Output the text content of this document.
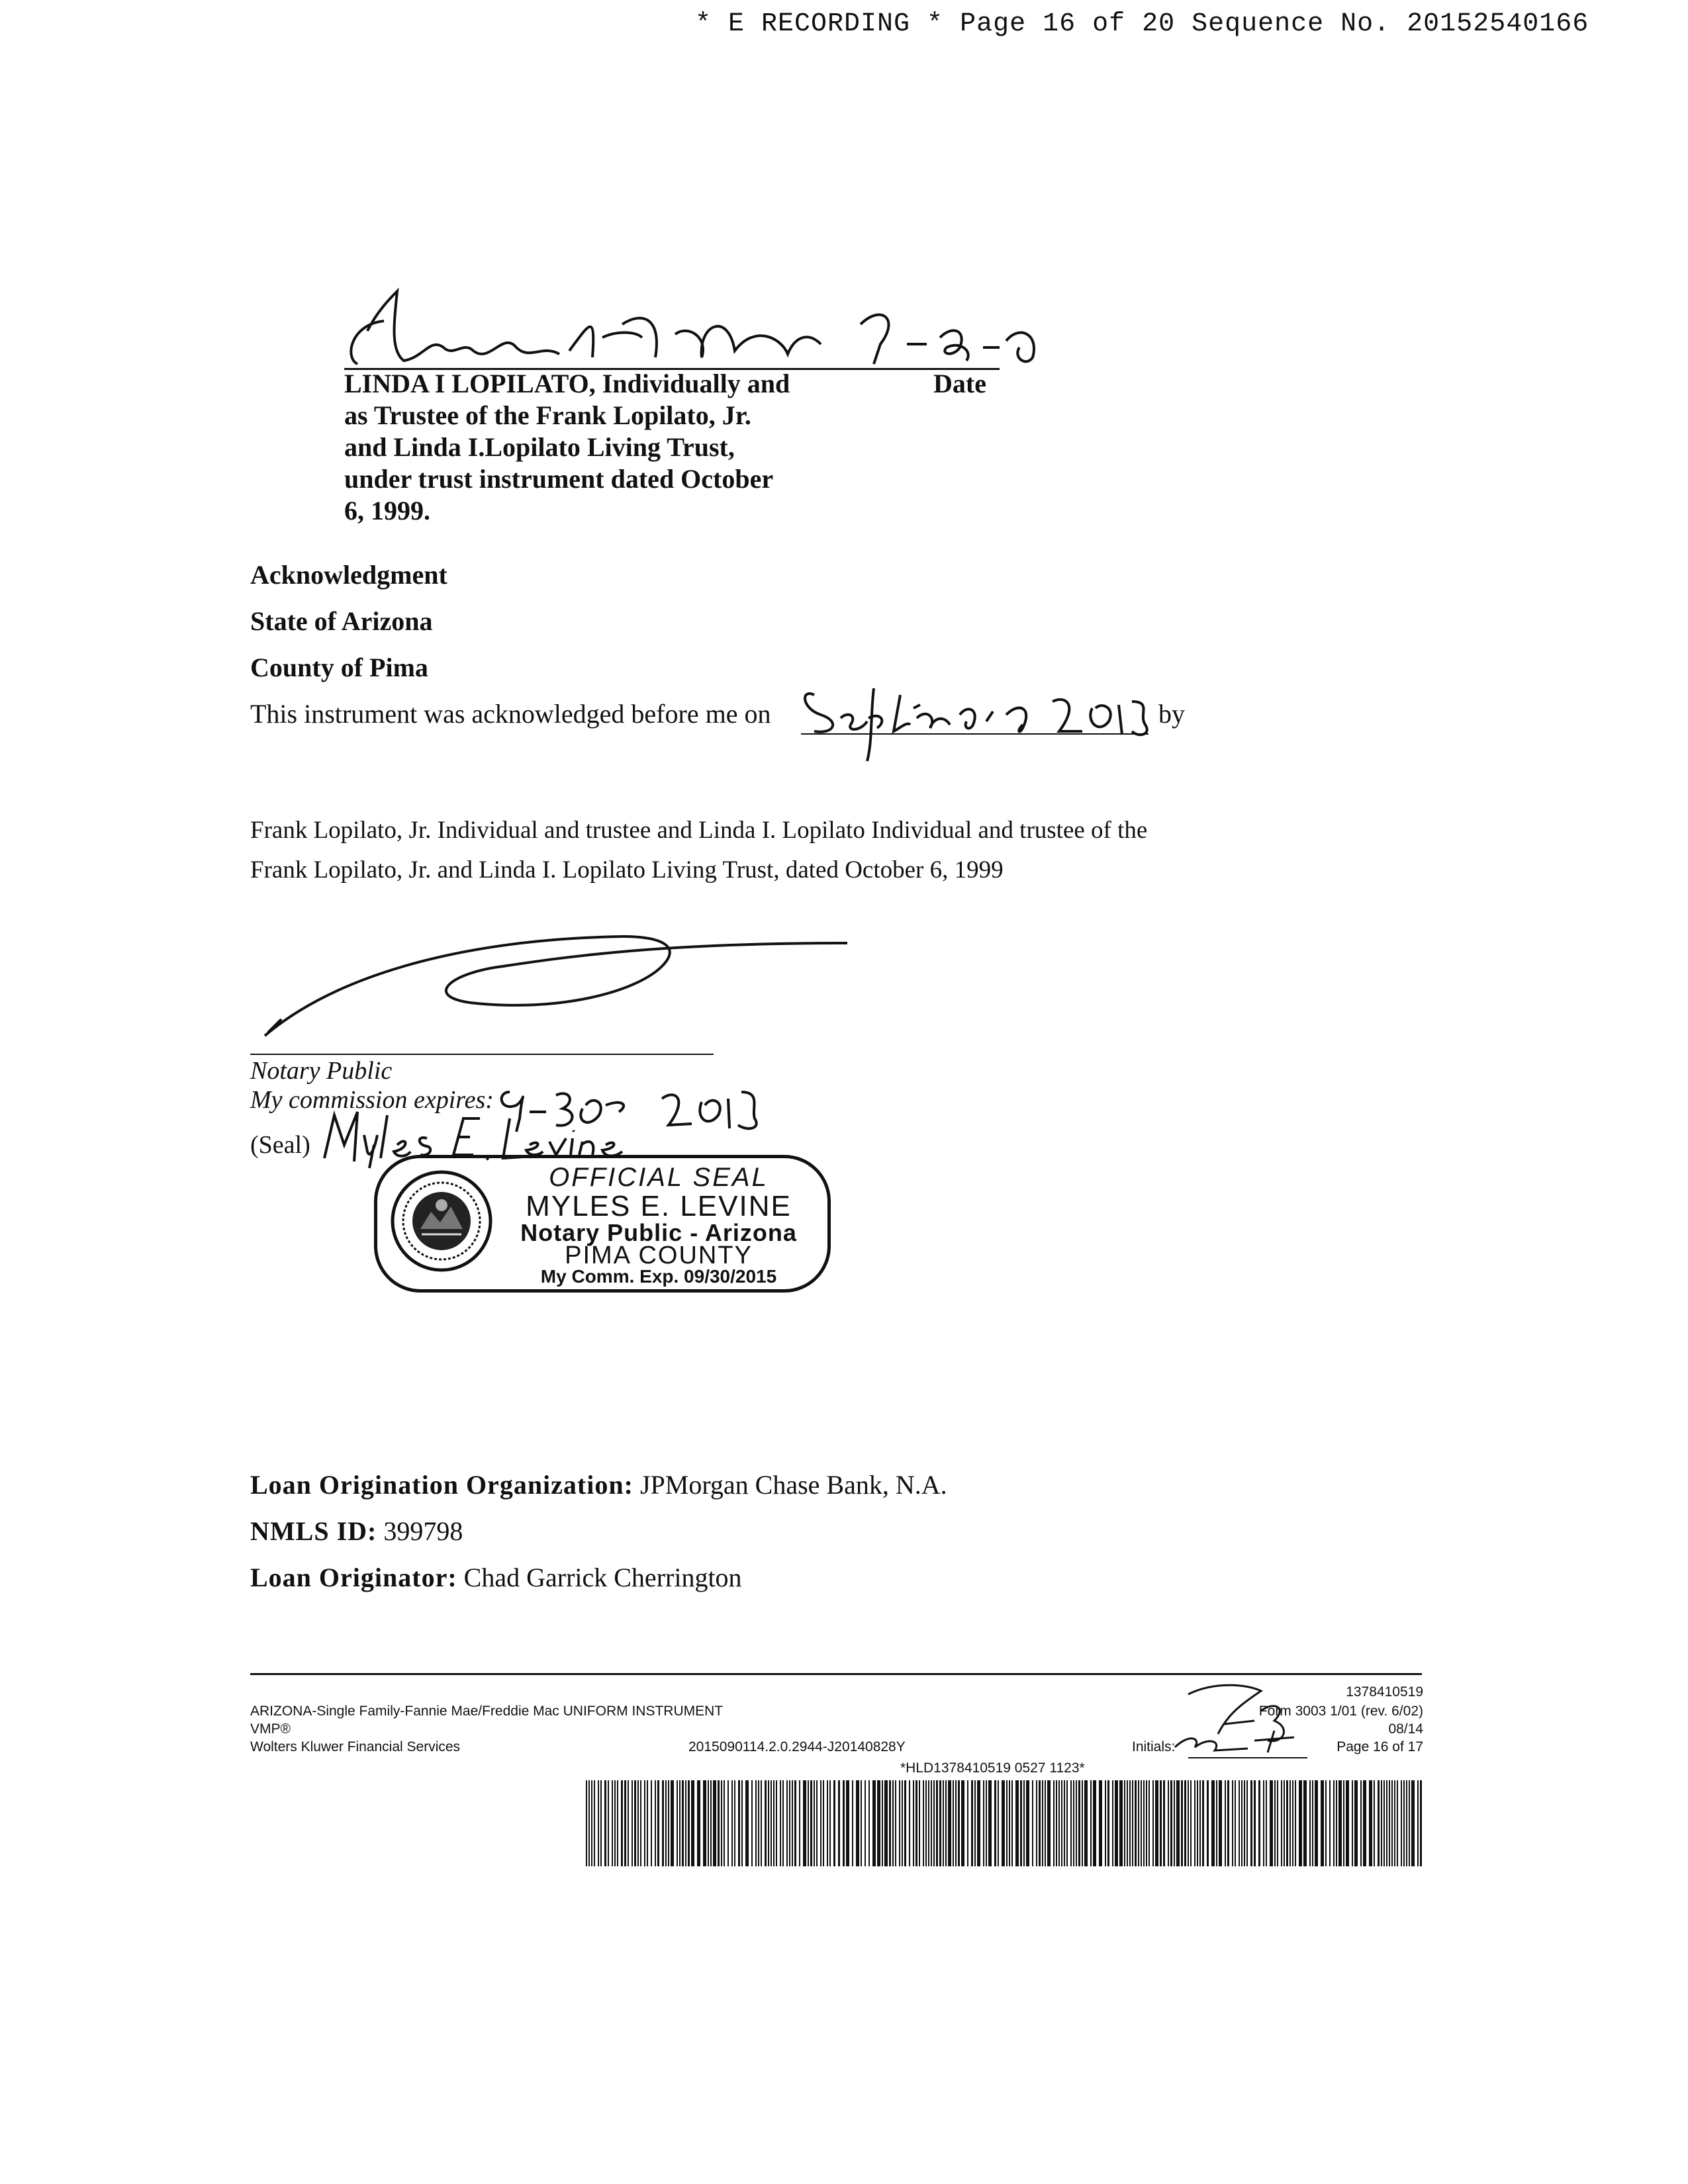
* E RECORDING * Page 16 of 20 Sequence No. 20152540166
LINDA I LOPILATO, Individually and
as Trustee of the Frank Lopilato, Jr.
and Linda I.Lopilato Living Trust,
under trust instrument dated October
6, 1999.
Date
Acknowledgment
State of Arizona
County of Pima
This instrument was acknowledged before me on	by
Frank Lopilato, Jr. Individual and trustee and Linda I. Lopilato Individual and trustee of the
Frank Lopilato, Jr. and Linda I. Lopilato Living Trust, dated October 6, 1999
Notary Public
My commission expires:
(Seal)
OFFICIAL SEAL
MYLES E. LEVINE
Notary Public - Arizona
PIMA COUNTY
My Comm. Exp. 09/30/2015
Loan Origination Organization: JPMorgan Chase Bank, N.A.
NMLS ID: 399798
Loan Originator: Chad Garrick Cherrington
ARIZONA-Single Family-Fannie Mae/Freddie Mac UNIFORM INSTRUMENT
VMP®
Wolters Kluwer Financial Services	2015090114.2.0.2944-J20140828Y
1378410519
Form 3003 1/01 (rev. 6/02)
08/14
Initials:	Page 16 of 17
*HLD1378410519 0527 1123*
